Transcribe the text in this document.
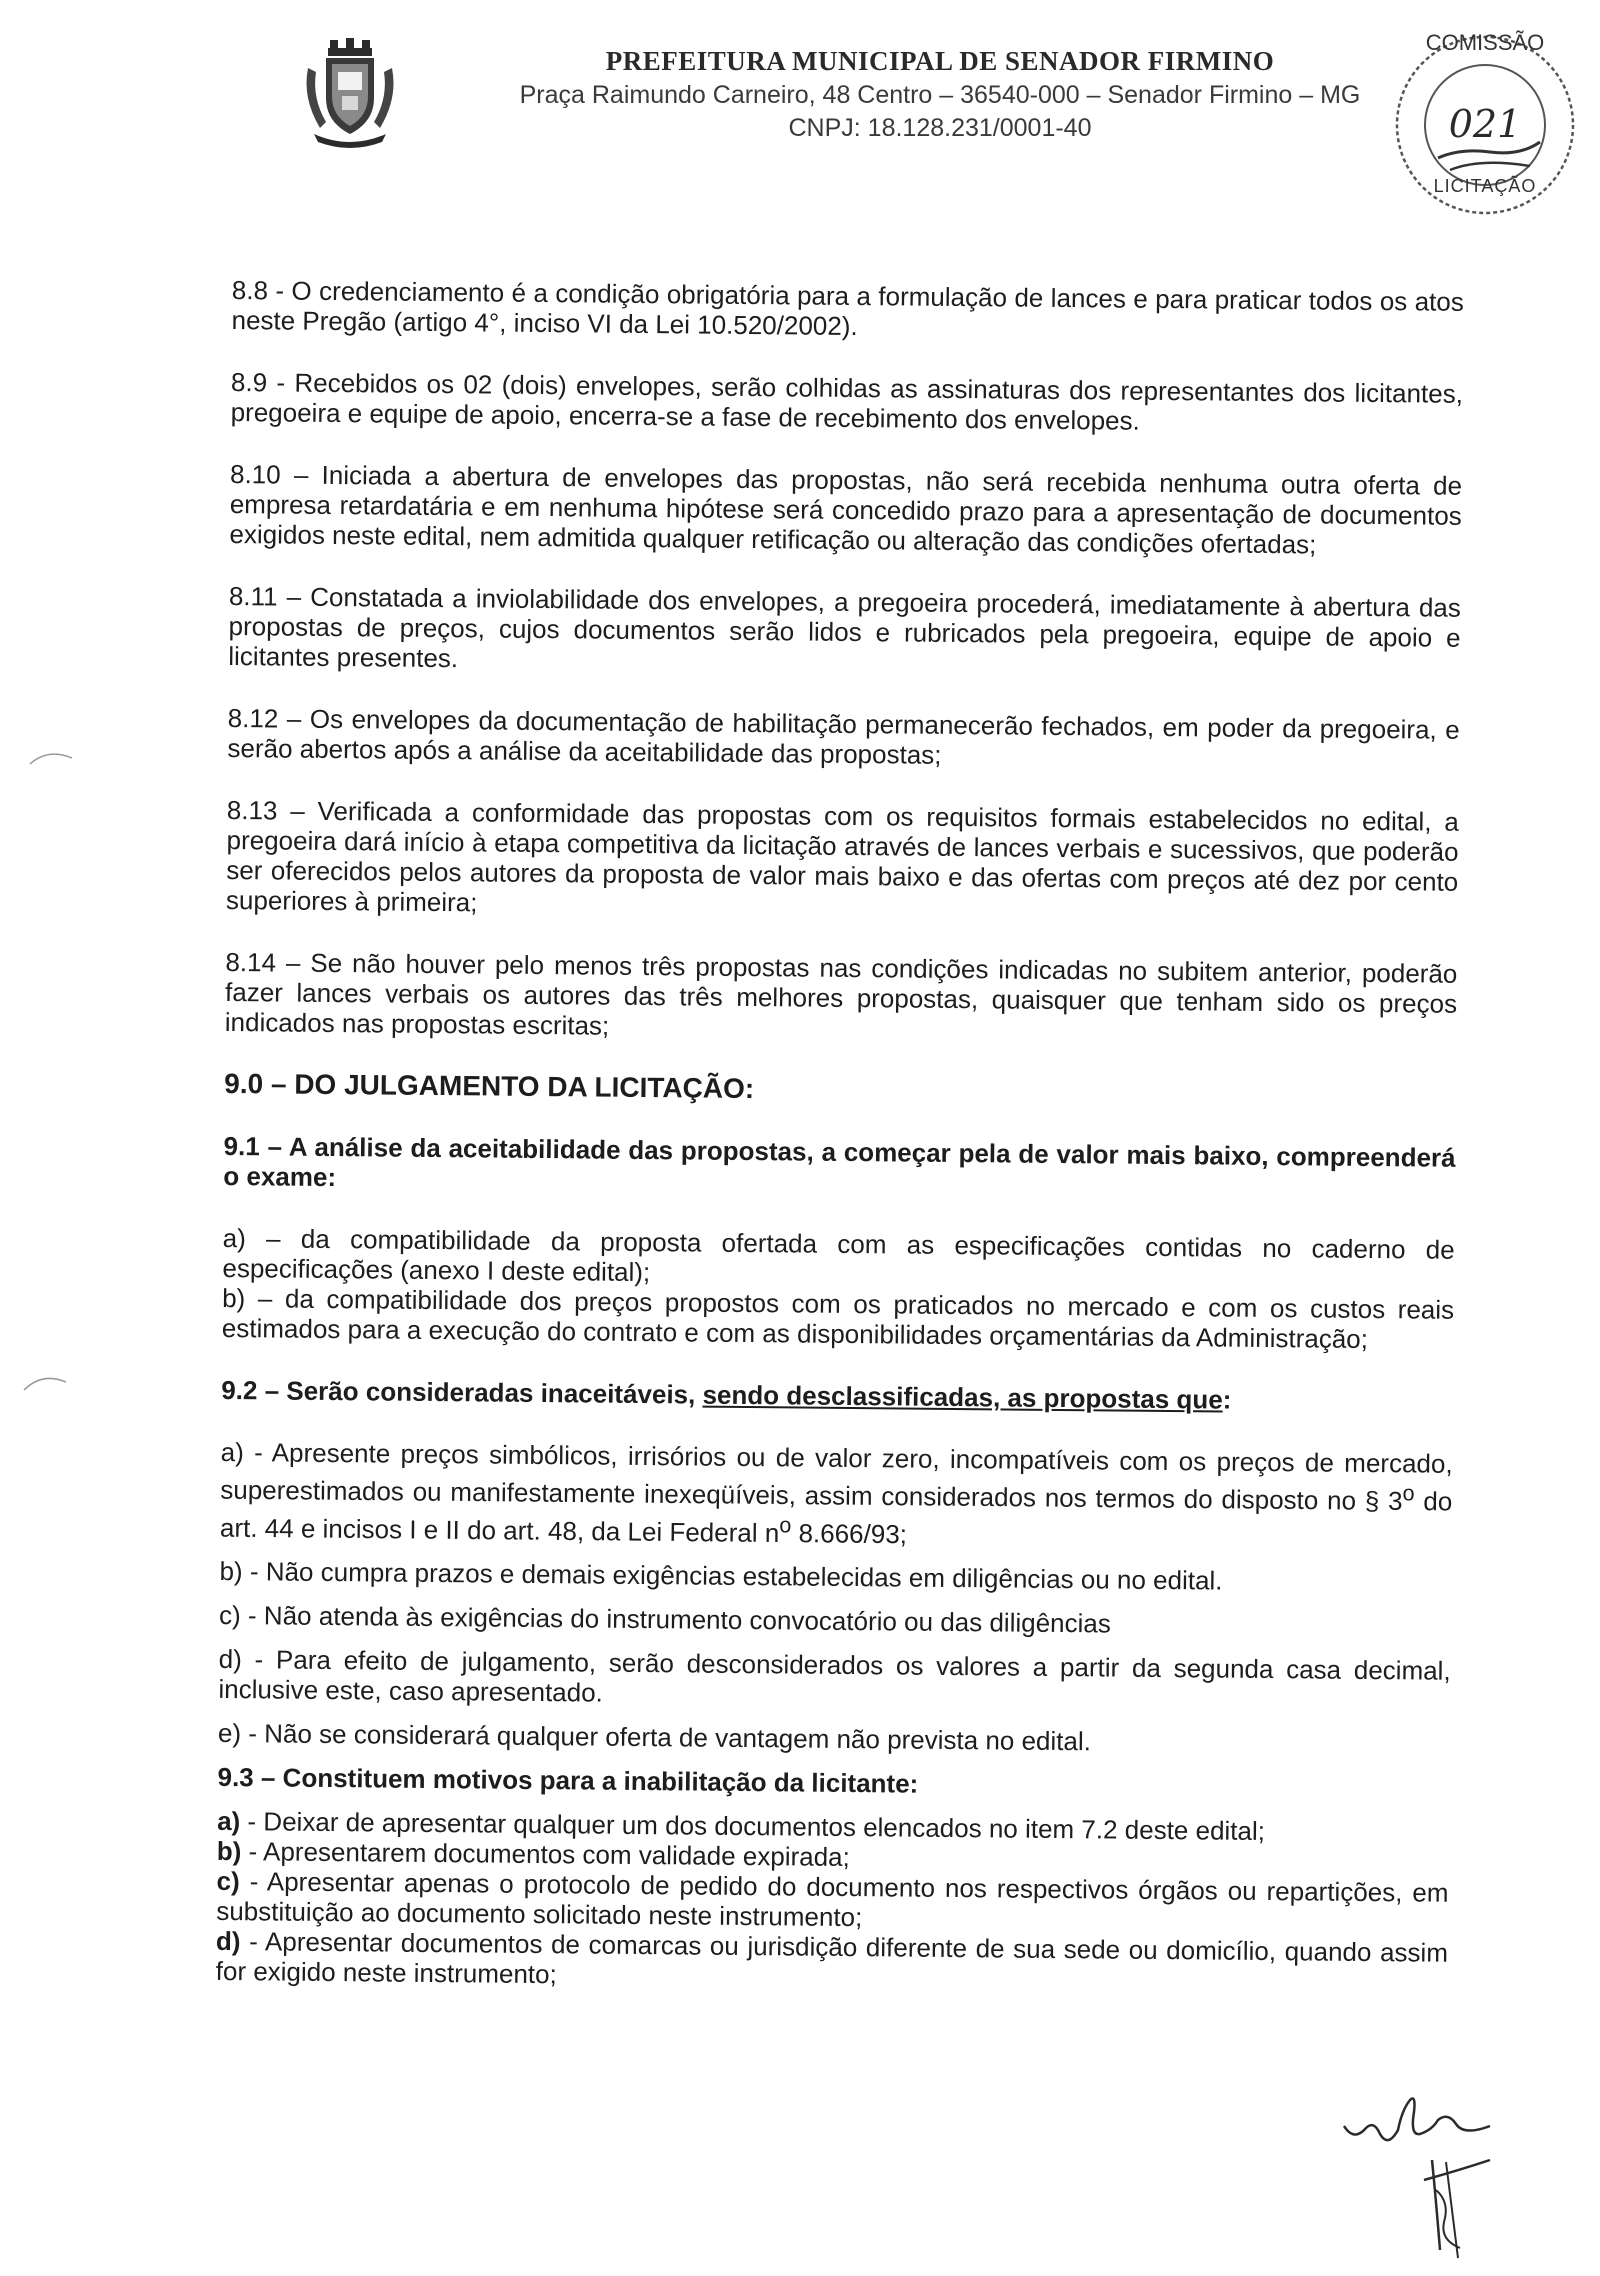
PREFEITURA MUNICIPAL DE SENADOR FIRMINO
Praça Raimundo Carneiro, 48 Centro – 36540-000 – Senador Firmino – MG
CNPJ: 18.128.231/0001-40
COMISSÃO
021
LICITAÇÃO

8.8 - O credenciamento é a condição obrigatória para a formulação de lances e para praticar todos os atos neste Pregão (artigo 4°, inciso VI da Lei 10.520/2002).

8.9 - Recebidos os 02 (dois) envelopes, serão colhidas as assinaturas dos representantes dos licitantes, pregoeira e equipe de apoio, encerra-se a fase de recebimento dos envelopes.

8.10 – Iniciada a abertura de envelopes das propostas, não será recebida nenhuma outra oferta de empresa retardatária e em nenhuma hipótese será concedido prazo para a apresentação de documentos exigidos neste edital, nem admitida qualquer retificação ou alteração das condições ofertadas;

8.11 – Constatada a inviolabilidade dos envelopes, a pregoeira procederá, imediatamente à abertura das propostas de preços, cujos documentos serão lidos e rubricados pela pregoeira, equipe de apoio e licitantes presentes.

8.12 – Os envelopes da documentação de habilitação permanecerão fechados, em poder da pregoeira, e serão abertos após a análise da aceitabilidade das propostas;

8.13 – Verificada a conformidade das propostas com os requisitos formais estabelecidos no edital, a pregoeira dará início à etapa competitiva da licitação através de lances verbais e sucessivos, que poderão ser oferecidos pelos autores da proposta de valor mais baixo e das ofertas com preços até dez por cento superiores à primeira;

8.14 – Se não houver pelo menos três propostas nas condições indicadas no subitem anterior, poderão fazer lances verbais os autores das três melhores propostas, quaisquer que tenham sido os preços indicados nas propostas escritas;

9.0 – DO JULGAMENTO DA LICITAÇÃO:

9.1 – A análise da aceitabilidade das propostas, a começar pela de valor mais baixo, compreenderá o exame:

a) – da compatibilidade da proposta ofertada com as especificações contidas no caderno de especificações (anexo I deste edital);

b) – da compatibilidade dos preços propostos com os praticados no mercado e com os custos reais estimados para a execução do contrato e com as disponibilidades orçamentárias da Administração;

9.2 – Serão consideradas inaceitáveis, sendo desclassificadas, as propostas que:

a) - Apresente preços simbólicos, irrisórios ou de valor zero, incompatíveis com os preços de mercado, superestimados ou manifestamente inexeqüíveis, assim considerados nos termos do disposto no § 3$^o$ do art. 44 e incisos I e II do art. 48, da Lei Federal $n^o$ 8.666/93;

b) - Não cumpra prazos e demais exigências estabelecidas em diligências ou no edital.

c) - Não atenda às exigências do instrumento convocatório ou das diligências

d) - Para efeito de julgamento, serão desconsiderados os valores a partir da segunda casa decimal, inclusive este, caso apresentado.

e) - Não se considerará qualquer oferta de vantagem não prevista no edital.

9.3 – Constituem motivos para a inabilitação da licitante:

a) - Deixar de apresentar qualquer um dos documentos elencados no item 7.2 deste edital;

b) - Apresentarem documentos com validade expirada;

c) - Apresentar apenas o protocolo de pedido do documento nos respectivos órgãos ou repartições, em substituição ao documento solicitado neste instrumento;

d) - Apresentar documentos de comarcas ou jurisdição diferente de sua sede ou domicílio, quando assim for exigido neste instrumento;
